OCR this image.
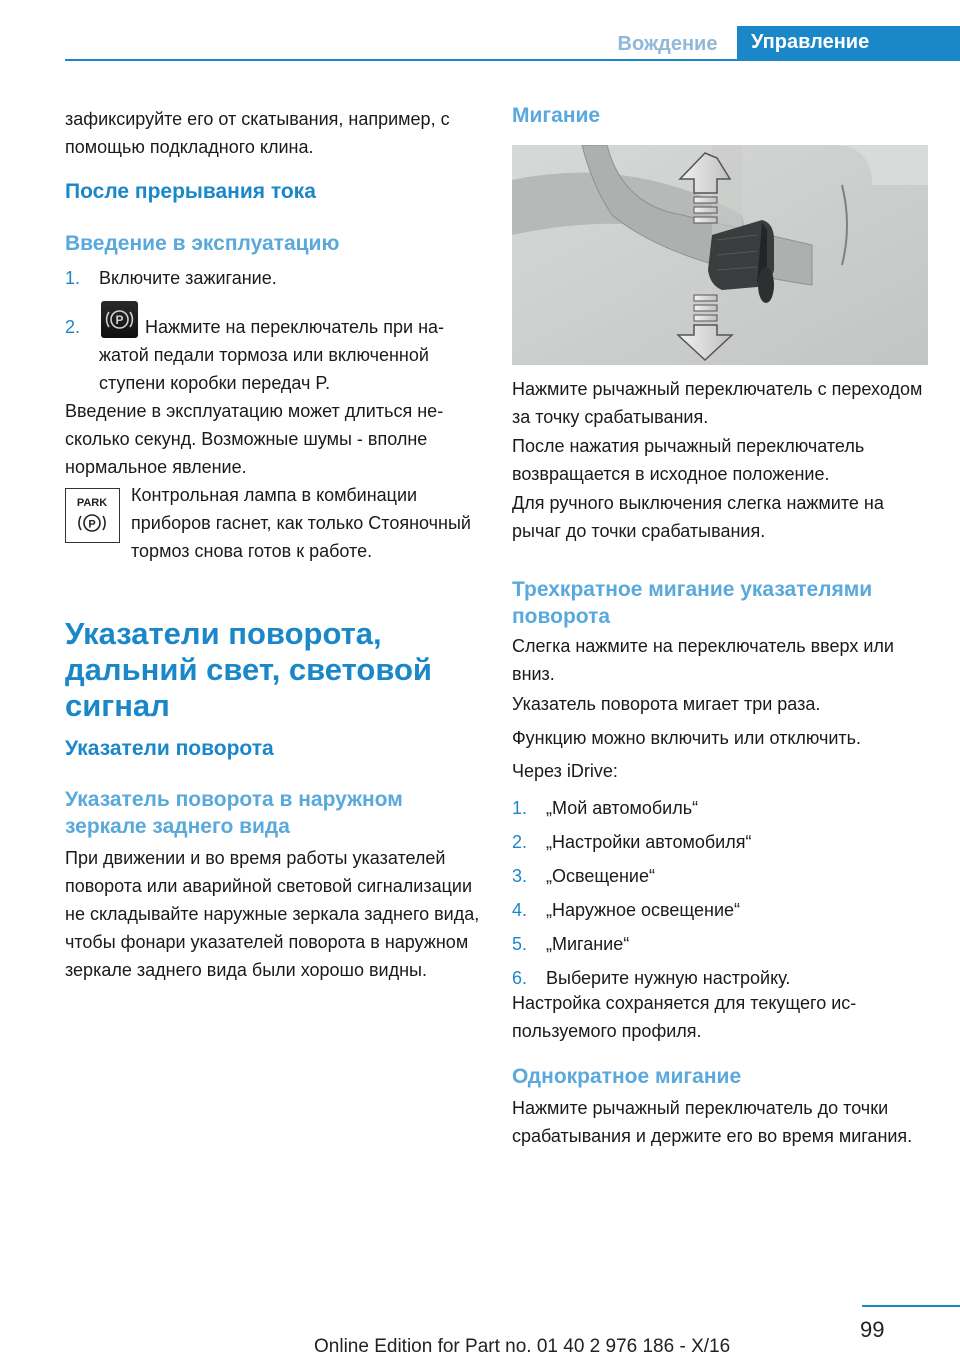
Вождение	Управление

зафиксируйте его от скатывания, например, с помощью подкладного клина.

После прерывания тока
Введение в эксплуатацию
1.	Включите зажигание.
2.	P Нажмите на переключатель при нажатой педали тормоза или включенной ступени коробки передач P.

Введение в эксплуатацию может длиться несколько секунд. Возможные шумы - вполне нормальное явление.

PARK
P

Контрольная лампа в комбинации приборов гаснет, как только Стояночный тормоз снова готов к работе.

Указатели поворота, дальний свет, световой сигнал
Указатели поворота
Указатель поворота в наружном зеркале заднего вида

При движении и во время работы указателей поворота или аварийной световой сигнализации не складывайте наружные зеркала заднего вида, чтобы фонари указателей поворота в наружном зеркале заднего вида были хорошо видны.

Мигание

Нажмите рычажный переключатель с переходом за точку срабатывания.

После нажатия рычажный переключатель возвращается в исходное положение.

Для ручного выключения слегка нажмите на рычаг до точки срабатывания.

Трехкратное мигание указателями поворота

Слегка нажмите на переключатель вверх или вниз.

Указатель поворота мигает три раза.

Функцию можно включить или отключить.

Через iDrive:

1.	„Мой автомобиль“
2.	„Настройки автомобиля“
3.	„Освещение“
4.	„Наружное освещение“
5.	„Мигание“
6.	Выберите нужную настройку.

Настройка сохраняется для текущего используемого профиля.

Однократное мигание

Нажмите рычажный переключатель до точки срабатывания и держите его во время мигания.

99
Online Edition for Part no. 01 40 2 976 186 - X/16
